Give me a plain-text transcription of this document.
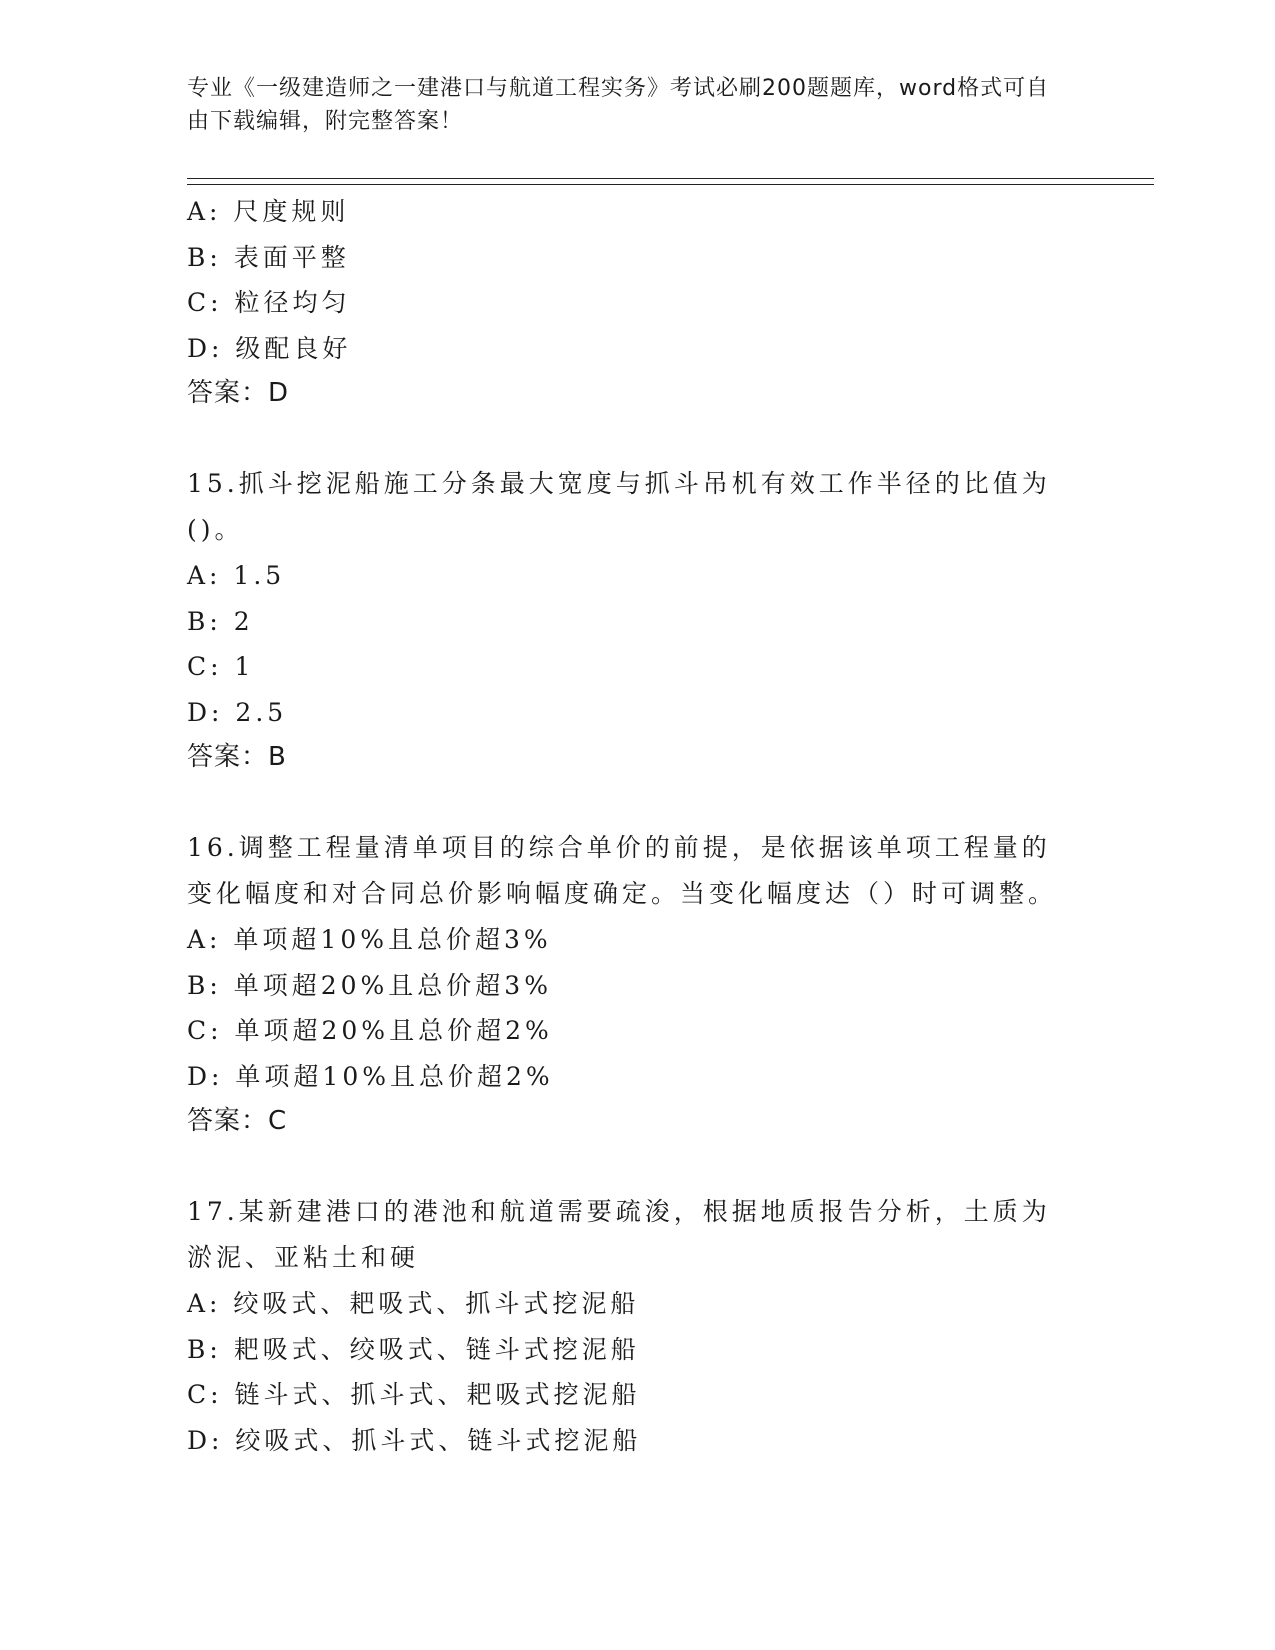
专业《一级建造师之一建港口与航道工程实务》考试必刷200题题库，word格式可自由下载编辑，附完整答案！
A: 尺度规则
B: 表面平整
C: 粒径均匀
D: 级配良好
答案：D
15.抓斗挖泥船施工分条最大宽度与抓斗吊机有效工作半径的比值为()。
A: 1.5
B: 2
C: 1
D: 2.5
答案：B
16.调整工程量清单项目的综合单价的前提，是依据该单项工程量的变化幅度和对合同总价影响幅度确定。当变化幅度达（）时可调整。
A: 单项超10%且总价超3%
B: 单项超20%且总价超3%
C: 单项超20%且总价超2%
D: 单项超10%且总价超2%
答案：C
17.某新建港口的港池和航道需要疏浚，根据地质报告分析，土质为淤泥、亚粘土和硬
A: 绞吸式、耙吸式、抓斗式挖泥船
B: 耙吸式、绞吸式、链斗式挖泥船
C: 链斗式、抓斗式、耙吸式挖泥船
D: 绞吸式、抓斗式、链斗式挖泥船
